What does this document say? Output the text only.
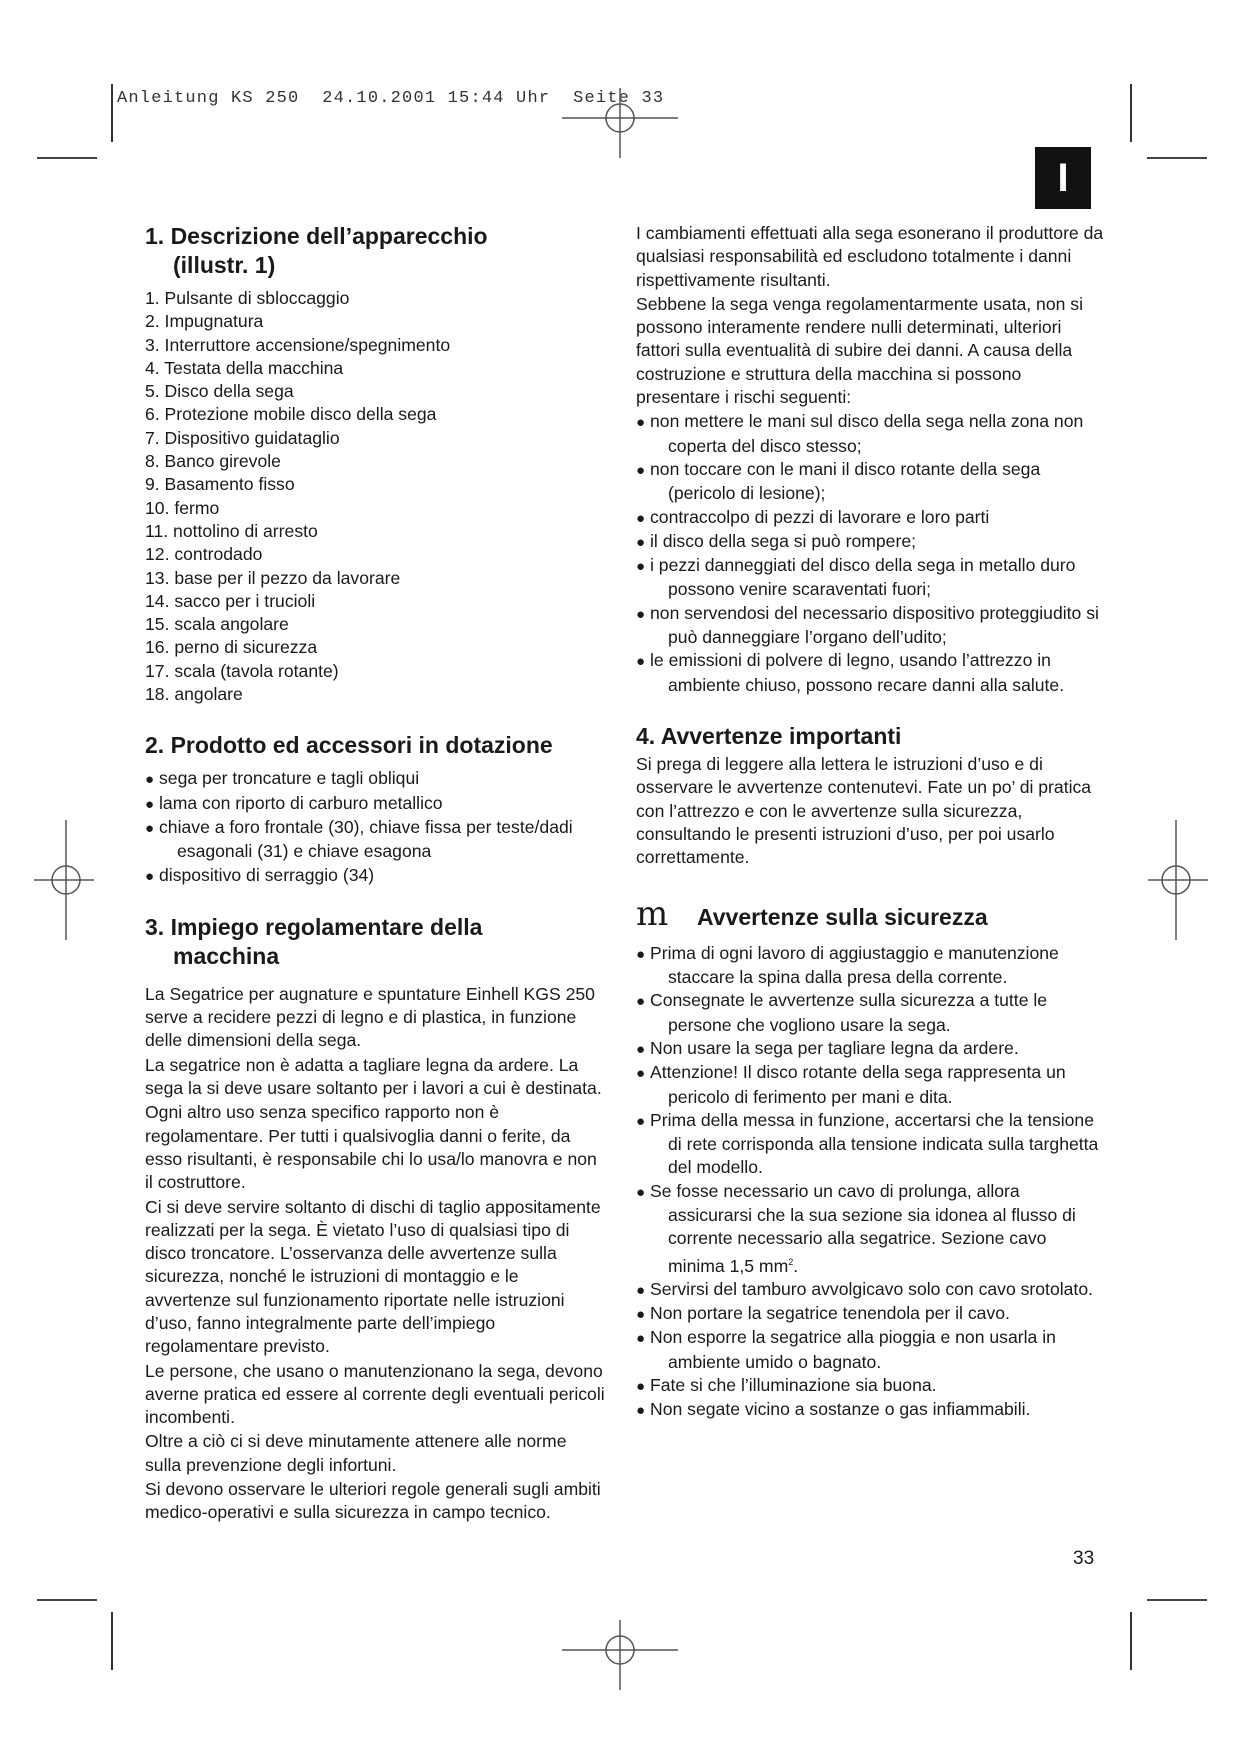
Anleitung KS 250  24.10.2001 15:44 Uhr  Seite 33
I
1. Descrizione dell’apparecchio
(illustr. 1)
1. Pulsante di sbloccaggio
2. Impugnatura
3. Interruttore accensione/spegnimento
4. Testata della macchina
5. Disco della sega
6. Protezione mobile disco della sega
7. Dispositivo guidataglio
8. Banco girevole
9. Basamento fisso
10. fermo
11. nottolino di arresto
12. controdado
13. base per il pezzo da lavorare
14. sacco per i trucioli
15. scala angolare
16. perno di sicurezza
17. scala (tavola rotante)
18. angolare
2. Prodotto ed accessori in dotazione
● sega per troncature e tagli obliqui
● lama con riporto di carburo metallico
● chiave a foro frontale (30), chiave fissa per teste/dadi esagonali (31) e chiave esagona
● dispositivo di serraggio (34)
3. Impiego regolamentare della
macchina

La Segatrice per augnature e spuntature Einhell KGS 250 serve a recidere pezzi di legno e di plastica, in funzione delle dimensioni della sega.

La segatrice non è adatta a tagliare legna da ardere. La sega la si deve usare soltanto per i lavori a cui è destinata.

Ogni altro uso senza specifico rapporto non è regolamentare. Per tutti i qualsivoglia danni o ferite, da esso risultanti, è responsabile chi lo usa/lo manovra e non il costruttore.

Ci si deve servire soltanto di dischi di taglio appositamente realizzati per la sega. È vietato l’uso di qualsiasi tipo di disco troncatore. L’osservanza delle avvertenze sulla sicurezza, nonché le istruzioni di montaggio e le avvertenze sul funzionamento riportate nelle istruzioni d’uso, fanno integralmente parte dell’impiego regolamentare previsto.

Le persone, che usano o manutenzionano la sega, devono averne pratica ed essere al corrente degli eventuali pericoli incombenti.

Oltre a ciò ci si deve minutamente attenere alle norme sulla prevenzione degli infortuni.

Si devono osservare le ulteriori regole generali sugli ambiti medico-operativi e sulla sicurezza in campo tecnico.

I cambiamenti effettuati alla sega esonerano il produttore da qualsiasi responsabilità ed escludono totalmente i danni rispettivamente risultanti.

Sebbene la sega venga regolamentarmente usata, non si possono interamente rendere nulli determinati, ulteriori fattori sulla eventualità di subire dei danni. A causa della costruzione e struttura della macchina si possono presentare i rischi seguenti:

● non mettere le mani sul disco della sega nella zona non coperta del disco stesso;
● non toccare con le mani il disco rotante della sega (pericolo di lesione);
● contraccolpo di pezzi di lavorare e loro parti
● il disco della sega si può rompere;
● i pezzi danneggiati del disco della sega in metallo duro possono venire scaraventati fuori;
● non servendosi del necessario dispositivo proteggiudito si può danneggiare l’organo dell’udito;
● le emissioni di polvere di legno, usando l’attrezzo in ambiente chiuso, possono recare danni alla salute.
4. Avvertenze importanti

Si prega di leggere alla lettera le istruzioni d’uso e di osservare le avvertenze contenutevi. Fate un po’ di pratica con l’attrezzo e con le avvertenze sulla sicurezza, consultando le presenti istruzioni d’uso, per poi usarlo correttamente.

m	Avvertenze sulla sicurezza
● Prima di ogni lavoro di aggiustaggio e manutenzione staccare la spina dalla presa della corrente.
● Consegnate le avvertenze sulla sicurezza a tutte le persone che vogliono usare la sega.
● Non usare la sega per tagliare legna da ardere.
● Attenzione! Il disco rotante della sega rappresenta un pericolo di ferimento per mani e dita.
● Prima della messa in funzione, accertarsi che la tensione di rete corrisponda alla tensione indicata sulla targhetta del modello.
● Se fosse necessario un cavo di prolunga, allora assicurarsi che la sua sezione sia idonea al flusso di corrente necessario alla segatrice. Sezione cavo minima 1,5 $mm^2$.
● Servirsi del tamburo avvolgicavo solo con cavo srotolato.
● Non portare la segatrice tenendola per il cavo.
● Non esporre la segatrice alla pioggia e non usarla in ambiente umido o bagnato.
● Fate si che l’illuminazione sia buona.
● Non segate vicino a sostanze o gas infiammabili.
33
